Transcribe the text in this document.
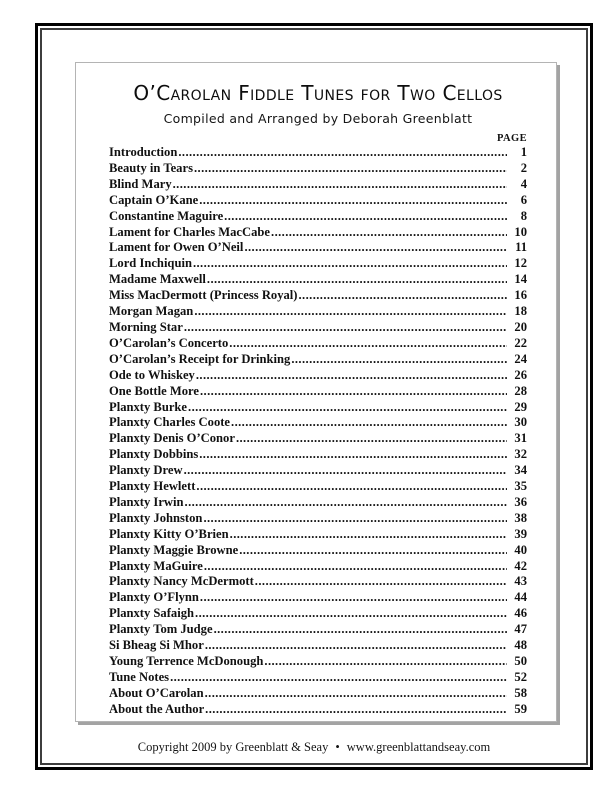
O’Carolan Fiddle Tunes for Two Cellos
Compiled and Arranged by Deborah Greenblatt
PAGE
Introduction .....	1
Beauty in Tears .....	2
Blind Mary .....	4
Captain O’Kane .....	6
Constantine Maguire .....	8
Lament for Charles MacCabe .....	10
Lament for Owen O’Neil .....	11
Lord Inchiquin .....	12
Madame Maxwell .....	14
Miss MacDermott (Princess Royal) .....	16
Morgan Magan .....	18
Morning Star .....	20
O’Carolan’s Concerto .....	22
O’Carolan’s Receipt for Drinking .....	24
Ode to Whiskey .....	26
One Bottle More .....	28
Planxty Burke .....	29
Planxty Charles Coote .....	30
Planxty Denis O’Conor .....	31
Planxty Dobbins .....	32
Planxty Drew .....	34
Planxty Hewlett .....	35
Planxty Irwin .....	36
Planxty Johnston .....	38
Planxty Kitty O’Brien .....	39
Planxty Maggie Browne .....	40
Planxty MaGuire .....	42
Planxty Nancy McDermott .....	43
Planxty O’Flynn .....	44
Planxty Safaigh .....	46
Planxty Tom Judge .....	47
Si Bheag Si Mhor .....	48
Young Terrence McDonough .....	50
Tune Notes .....	52
About O’Carolan .....	58
About the Author .....	59
Copyright 2009 by Greenblatt & Seay • www.greenblattandseay.com
